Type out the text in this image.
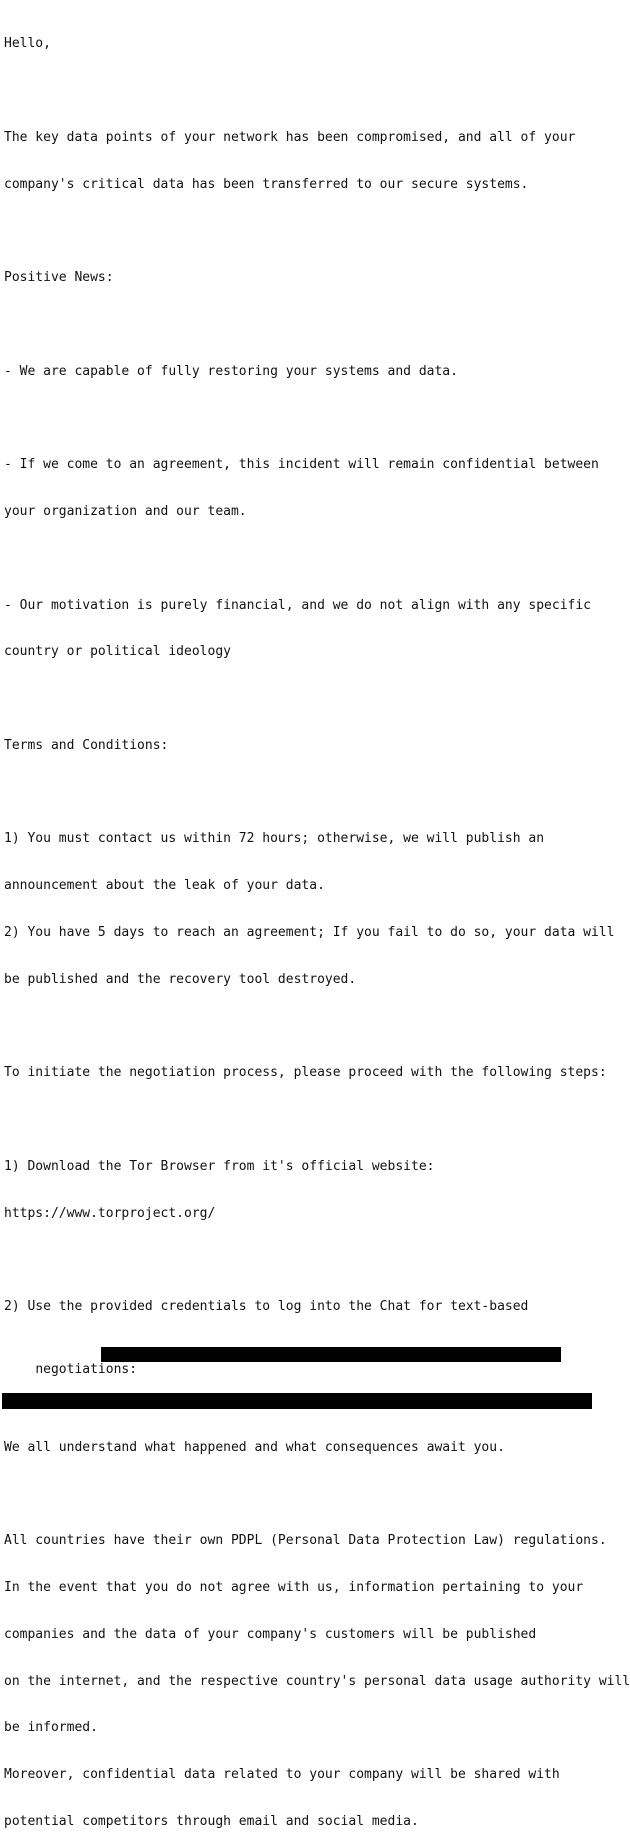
Hello,

The key data points of your network has been compromised, and all of your

company's critical data has been transferred to our secure systems.

Positive News:

- We are capable of fully restoring your systems and data.

- If we come to an agreement, this incident will remain confidential between

your organization and our team.

- Our motivation is purely financial, and we do not align with any specific

country or political ideology

Terms and Conditions:

1) You must contact us within 72 hours; otherwise, we will publish an

announcement about the leak of your data.

2) You have 5 days to reach an agreement; If you fail to do so, your data will

be published and the recovery tool destroyed.

To initiate the negotiation process, please proceed with the following steps:

1) Download the Tor Browser from it's official website:

https://www.torproject.org/

2) Use the provided credentials to log into the Chat for text-based

negotiations:

We all understand what happened and what consequences await you.

All countries have their own PDPL (Personal Data Protection Law) regulations.

In the event that you do not agree with us, information pertaining to your

companies and the data of your company's customers will be published

on the internet, and the respective country's personal data usage authority will

be informed.

Moreover, confidential data related to your company will be shared with

potential competitors through email and social media.
